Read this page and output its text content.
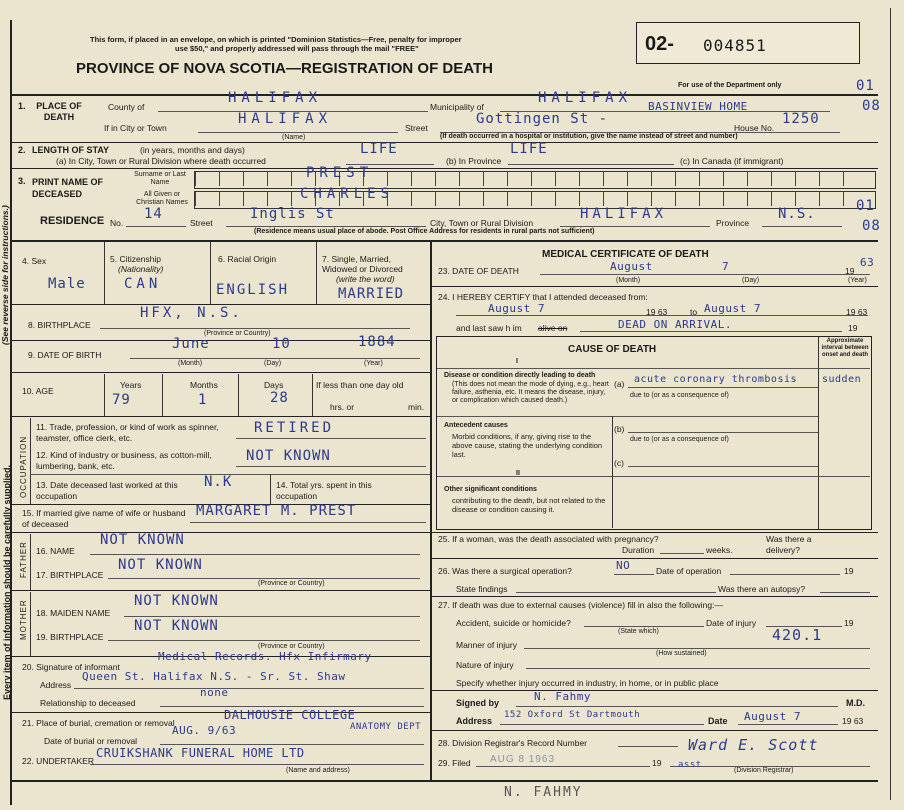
Every item of information should be carefully supplied.
(See reverse side for instructions.)
This form, if placed in an envelope, on which is printed "Dominion Statistics—Free, penalty for improper
use $50," and properly addressed will pass through the mail "FREE"
PROVINCE OF NOVA SCOTIA—REGISTRATION OF DEATH
02- 004851
For use of the Department only
1.	PLACE OF DEATH
County of
HALIFAX
Municipality of
HALIFAX
If in City or Town
HALIFAX
(Name)
Street
Gottingen St -
BASINVIEW HOME
House No.
1250
(If death occurred in a hospital or institution, give the name instead of street and number)
01
08
2. LENGTH OF STAY	(in years, months and days)
(a) In City, Town or Rural Division where death occurred
LIFE
(b) In Province
LIFE
(c) In Canada (if immigrant)
3. PRINT NAME OF DECEASED
Surname or Last Name
All Given or Christian Names
PREST
CHARLES
RESIDENCE No.
14
Street
Inglis St
City, Town or Rural Division
HALIFAX
Province
N.S.
(Residence means usual place of abode. Post Office Address for residents in rural parts not sufficient)
01
08
4. Sex
Male
5. Citizenship
(Nationality)
CAN
6. Racial Origin
ENGLISH
7. Single, Married, Widowed or Divorced
(write the word)
MARRIED
8. BIRTHPLACE
HFX, N.S.
(Province or Country)
9. DATE OF BIRTH
June	10	1884
(Month)	(Day)	(Year)
10. AGE
Years
79
Months
1
Days
28
If less than one day old
hrs. or	min.
OCCUPATION
11. Trade, profession, or kind of work as spinner, teamster, office clerk, etc.
RETIRED
12. Kind of industry or business, as cotton-mill, lumbering, bank, etc.
NOT KNOWN
13. Date deceased last worked at this occupation
N.K	14. Total yrs. spent in this occupation
15. If married give name of wife or husband of deceased
MARGARET M. PREST
FATHER 16. NAME
NOT KNOWN
17. BIRTHPLACE
NOT KNOWN
(Province or Country)
MOTHER 18. MAIDEN NAME
NOT KNOWN
19. BIRTHPLACE
NOT KNOWN
(Province or Country)
20. Signature of informant
Medical Records. Hfx Infirmary
Address
Queen St. Halifax N.S. - Sr. St. Shaw
Relationship to deceased
none
21. Place of burial, cremation or removal
DALHOUSIE COLLEGE
ANATOMY DEPT
Date of burial or removal
AUG. 9/63
22. UNDERTAKER
CRUIKSHANK FUNERAL HOME LTD
(Name and address)
MEDICAL CERTIFICATE OF DEATH
23. DATE OF DEATH	August	7	19
63
(Month)	(Day)	(Year)
24. I HEREBY CERTIFY that I attended deceased from:
August 7	19 63	to August 7	19 63
and last saw h im alive on	DEAD ON ARRIVAL.	19
CAUSE OF DEATH
Approximate interval between onset and death
I
Disease or condition directly leading to death
(This does not mean the mode of dying, e.g., heart failure, asthenia, etc. It means the disease, injury, or complication which caused death.)
(a) acute coronary thrombosis sudden
due to (or as a consequence of)
Antecedent causes
Morbid conditions, if any, giving rise to the above cause, stating the underlying condition last.
(b)
due to (or as a consequence of)
(c)
II
Other significant conditions
contributing to the death, but not related to the disease or condition causing it.
25. If a woman, was the death associated with pregnancy?
Duration	weeks.
Was there a delivery?
26. Was there a surgical operation?	NO	Date of operation	19
State findings	Was there an autopsy?
27. If death was due to external causes (violence) fill in also the following:—
Accident, suicide or homicide?
(State which)
Date of injury	19
Manner of injury
420.1
(How sustained)
Nature of injury
Specify whether injury occurred in industry, in home, or in public place
Signed by	N. Fahmy	M.D.
Address
152 Oxford St Dartmouth
Date August 7	19 63
28. Division Registrar's Record Number
29. Filed AUG 8 1963	19
Ward E. Scott
asst
(Division Registrar)
N. FAHMY
